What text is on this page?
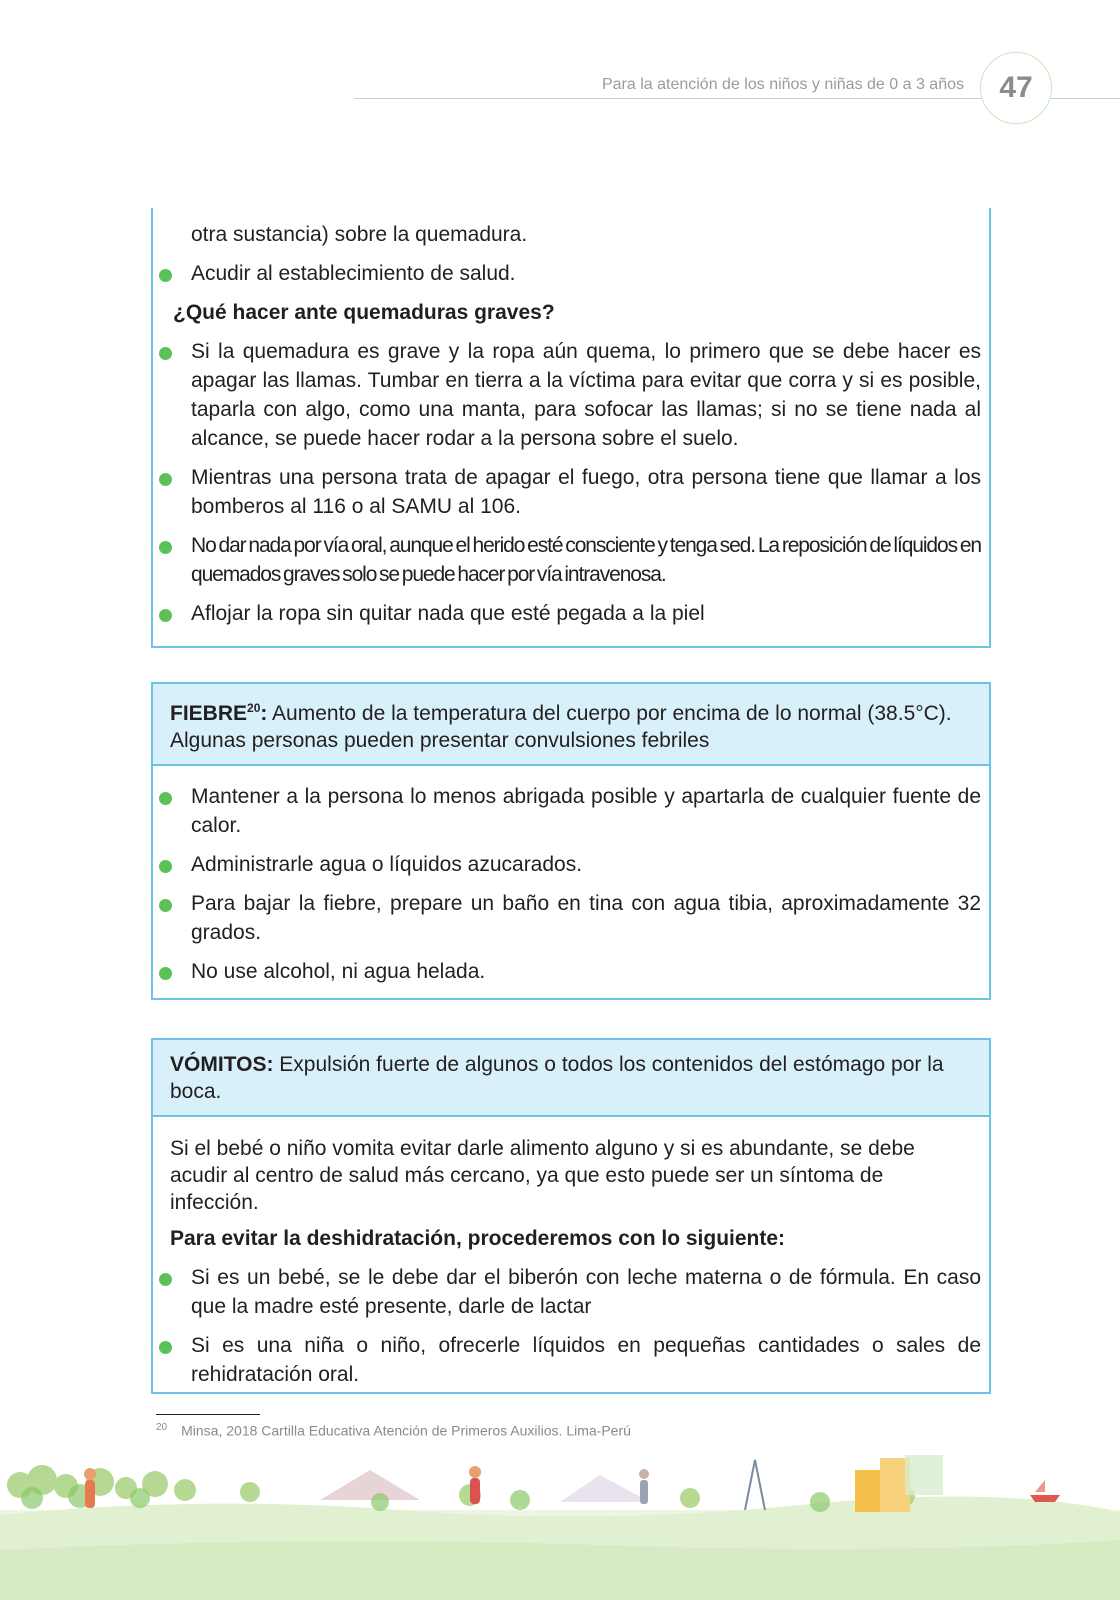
Para la atención de los niños y niñas de 0 a 3 años	47
otra sustancia) sobre la quemadura.
Acudir al establecimiento de salud.
¿Qué hacer ante quemaduras graves?
Si la quemadura es grave y la ropa aún quema, lo primero que se debe hacer es apagar las llamas. Tumbar en tierra a la víctima para evitar que corra y si es posible, taparla con algo, como una manta, para sofocar las llamas; si no se tiene nada al alcance, se puede hacer rodar a la persona sobre el suelo.
Mientras una persona trata de apagar el fuego, otra persona tiene que llamar a los bomberos al 116 o al SAMU al 106.
No dar nada por vía oral, aunque el herido esté consciente y tenga sed. La reposición de líquidos en quemados graves solo se puede hacer por vía intravenosa.
Aflojar la ropa sin quitar nada que esté pegada a la piel
FIEBRE$^{20}$: Aumento de la temperatura del cuerpo por encima de lo normal (38.5°C). Algunas personas pueden presentar convulsiones febriles
Mantener a la persona lo menos abrigada posible y apartarla de cualquier fuente de calor.
Administrarle agua o líquidos azucarados.
Para bajar la fiebre, prepare un baño en tina con agua tibia, aproximadamente 32 grados.
No use alcohol, ni agua helada.
VÓMITOS: Expulsión fuerte de algunos o todos los contenidos del estómago por la boca.
Si el bebé o niño vomita evitar darle alimento alguno y si es abundante, se debe acudir al centro de salud más cercano, ya que esto puede ser un síntoma de infección.
Para evitar la deshidratación, procederemos con lo siguiente:
Si es un bebé, se le debe dar el biberón con leche materna o de fórmula. En caso que la madre esté presente, darle de lactar
Si es una niña o niño, ofrecerle líquidos en pequeñas cantidades o sales de rehidratación oral.
$^{20}$ Minsa, 2018 Cartilla Educativa Atención de Primeros Auxilios. Lima-Perú
